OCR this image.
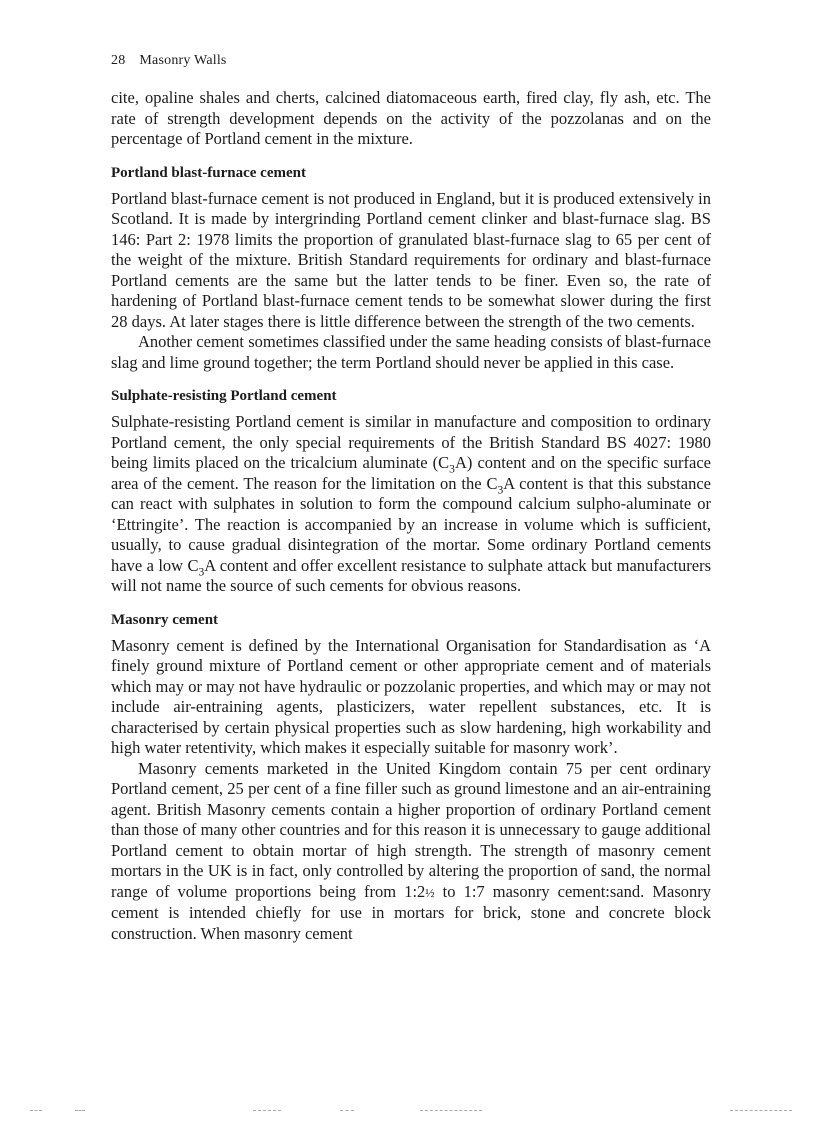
28 Masonry Walls

cite, opaline shales and cherts, calcined diatomaceous earth, fired clay, fly ash, etc. The rate of strength development depends on the activity of the pozzolanas and on the percentage of Portland cement in the mixture.

Portland blast-furnace cement

Portland blast-furnace cement is not produced in England, but it is produced extensively in Scotland. It is made by intergrinding Portland cement clinker and blast-furnace slag. BS 146: Part 2: 1978 limits the proportion of granulated blast-furnace slag to 65 per cent of the weight of the mixture. British Standard requirements for ordinary and blast-furnace Portland cements are the same but the latter tends to be finer. Even so, the rate of hardening of Portland blast-furnace cement tends to be somewhat slower during the first 28 days. At later stages there is little difference between the strength of the two cements.

Another cement sometimes classified under the same heading consists of blast-furnace slag and lime ground together; the term Portland should never be applied in this case.

Sulphate-resisting Portland cement

Sulphate-resisting Portland cement is similar in manufacture and composition to ordinary Portland cement, the only special requirements of the British Standard BS 4027: 1980 being limits placed on the tricalcium aluminate $(C_3A)$ content and on the specific surface area of the cement. The reason for the limitation on the $C_3A$ content is that this substance can react with sulphates in solution to form the compound calcium sulpho-aluminate or ‘Ettringite’. The reaction is accompanied by an increase in volume which is sufficient, usually, to cause gradual disintegration of the mortar. Some ordinary Portland cements have a low $C_3A$ content and offer excellent resistance to sulphate attack but manufacturers will not name the source of such cements for obvious reasons.

Masonry cement

Masonry cement is defined by the International Organisation for Standardisation as ‘A finely ground mixture of Portland cement or other appropriate cement and of materials which may or may not have hydraulic or pozzolanic properties, and which may or may not include air-entraining agents, plasticizers, water repellent substances, etc. It is characterised by certain physical properties such as slow hardening, high workability and high water retentivity, which makes it especially suitable for masonry work’.

Masonry cements marketed in the United Kingdom contain 75 per cent ordinary Portland cement, 25 per cent of a fine filler such as ground limestone and an air-entraining agent. British Masonry cements contain a higher proportion of ordinary Portland cement than those of many other countries and for this reason it is unnecessary to gauge additional Portland cement to obtain mortar of high strength. The strength of masonry cement mortars in the UK is in fact, only controlled by altering the proportion of sand, the normal range of volume proportions being from 1:2½ to 1:7 masonry cement:sand. Masonry cement is intended chiefly for use in mortars for brick, stone and concrete block construction. When masonry cement
